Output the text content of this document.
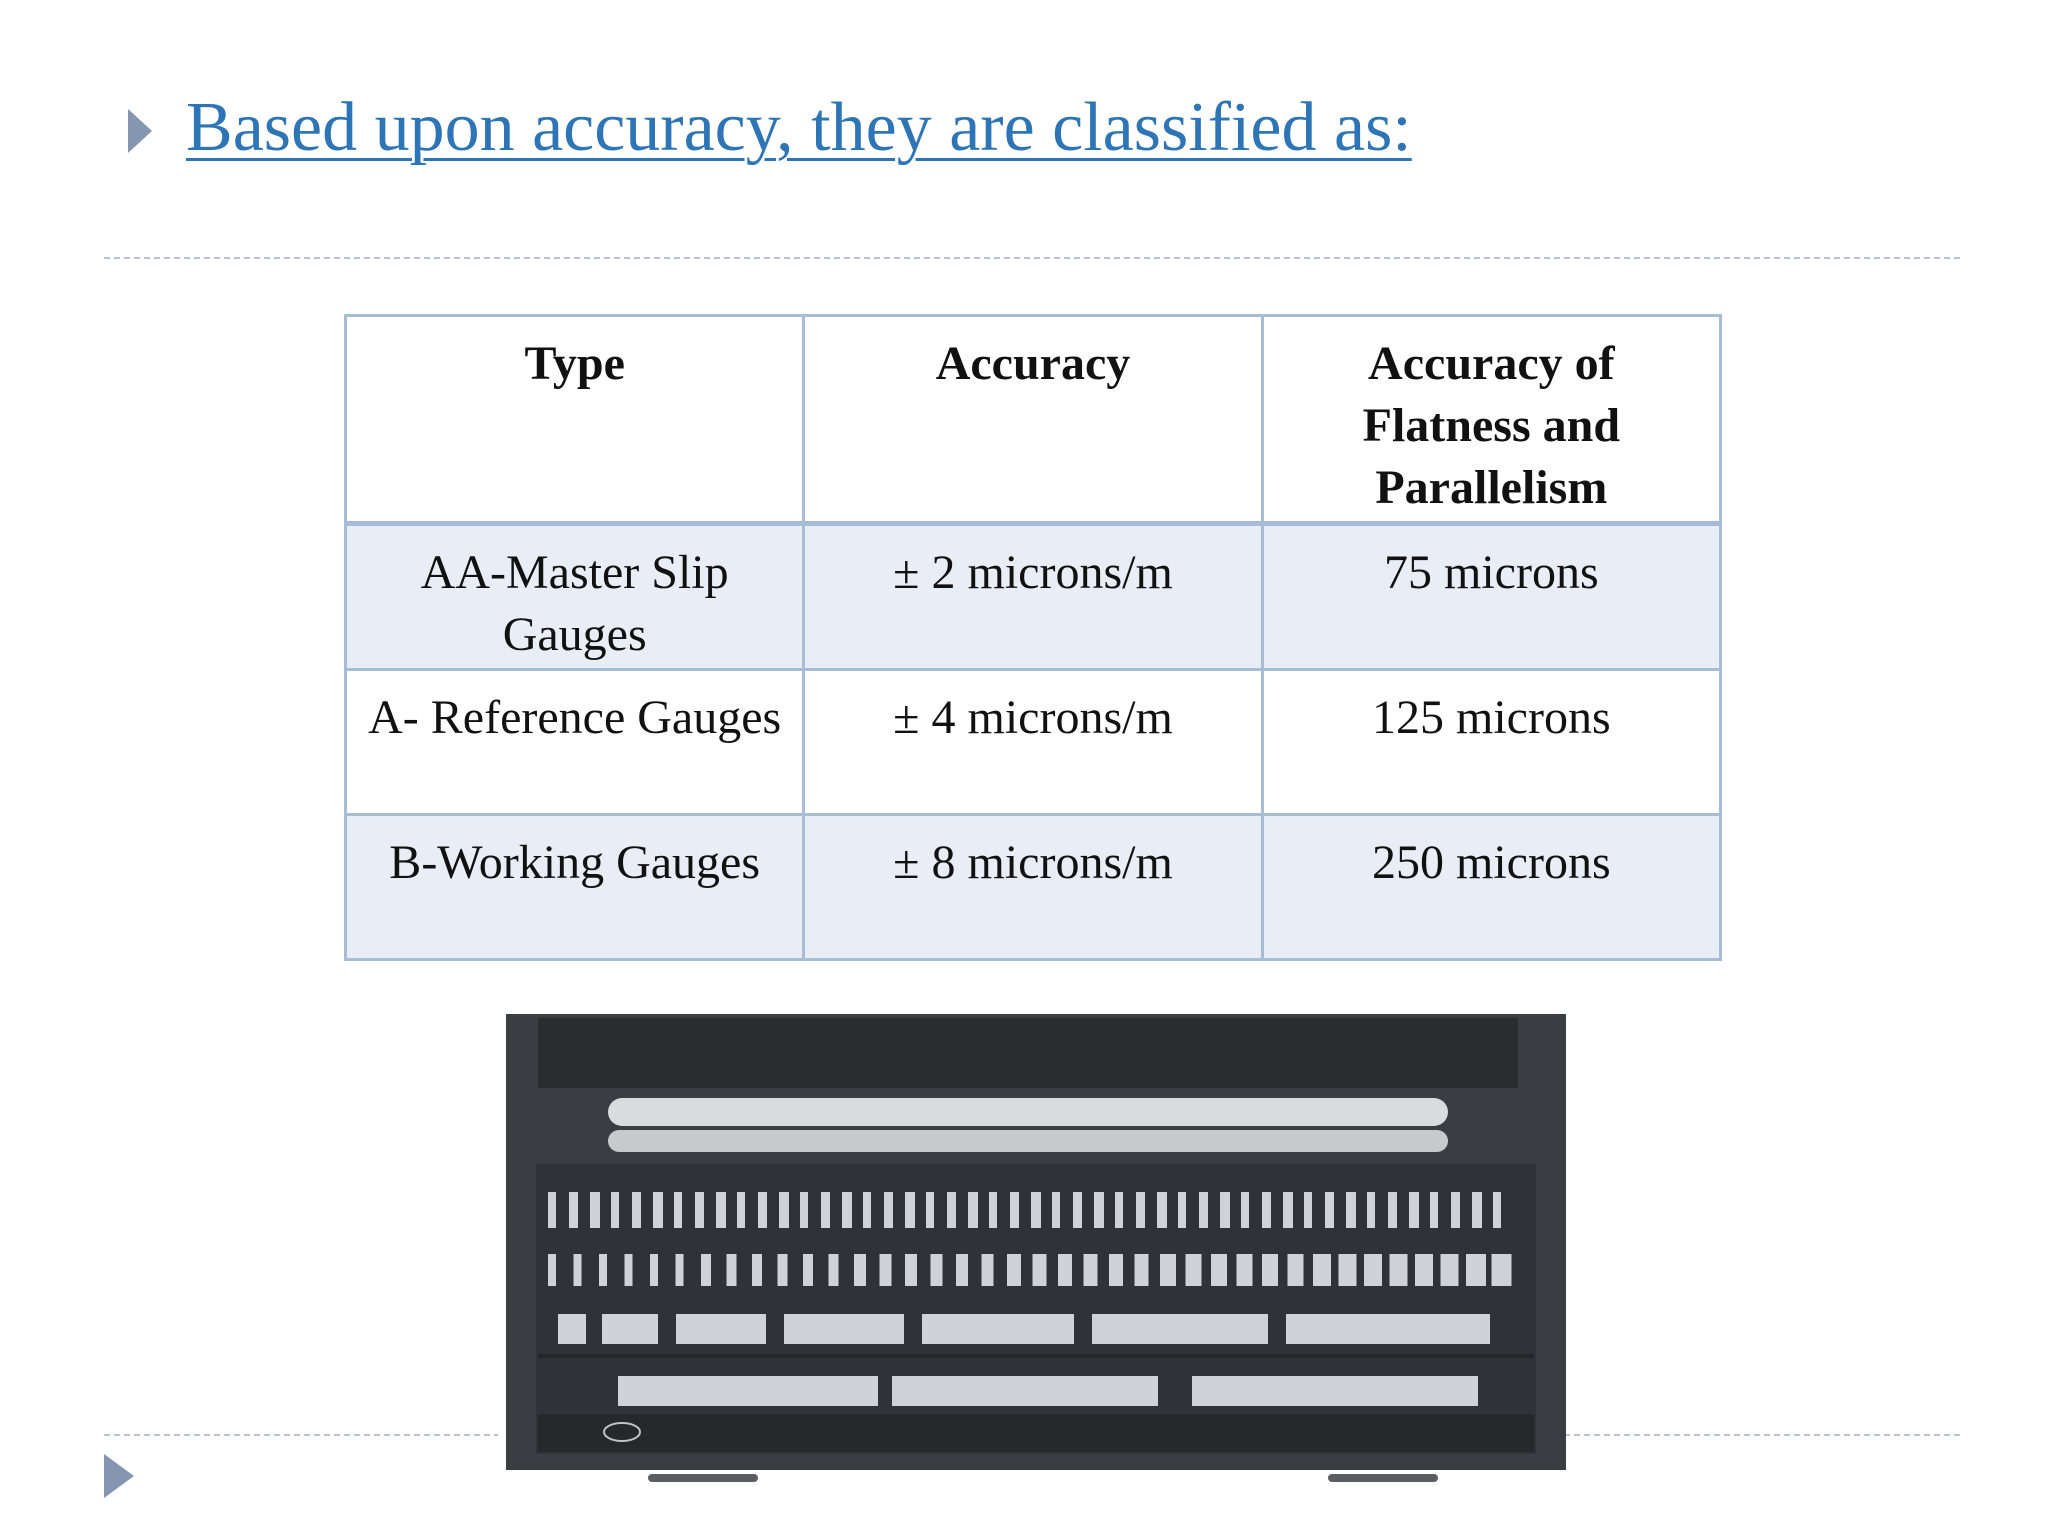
Based upon accuracy, they are classified as:
Type	Accuracy	Accuracy of Flatness and Parallelism
AA-Master Slip Gauges	± 2 microns/m	75 microns
A- Reference Gauges	± 4 microns/m	125 microns
B-Working Gauges	± 8 microns/m	250 microns
